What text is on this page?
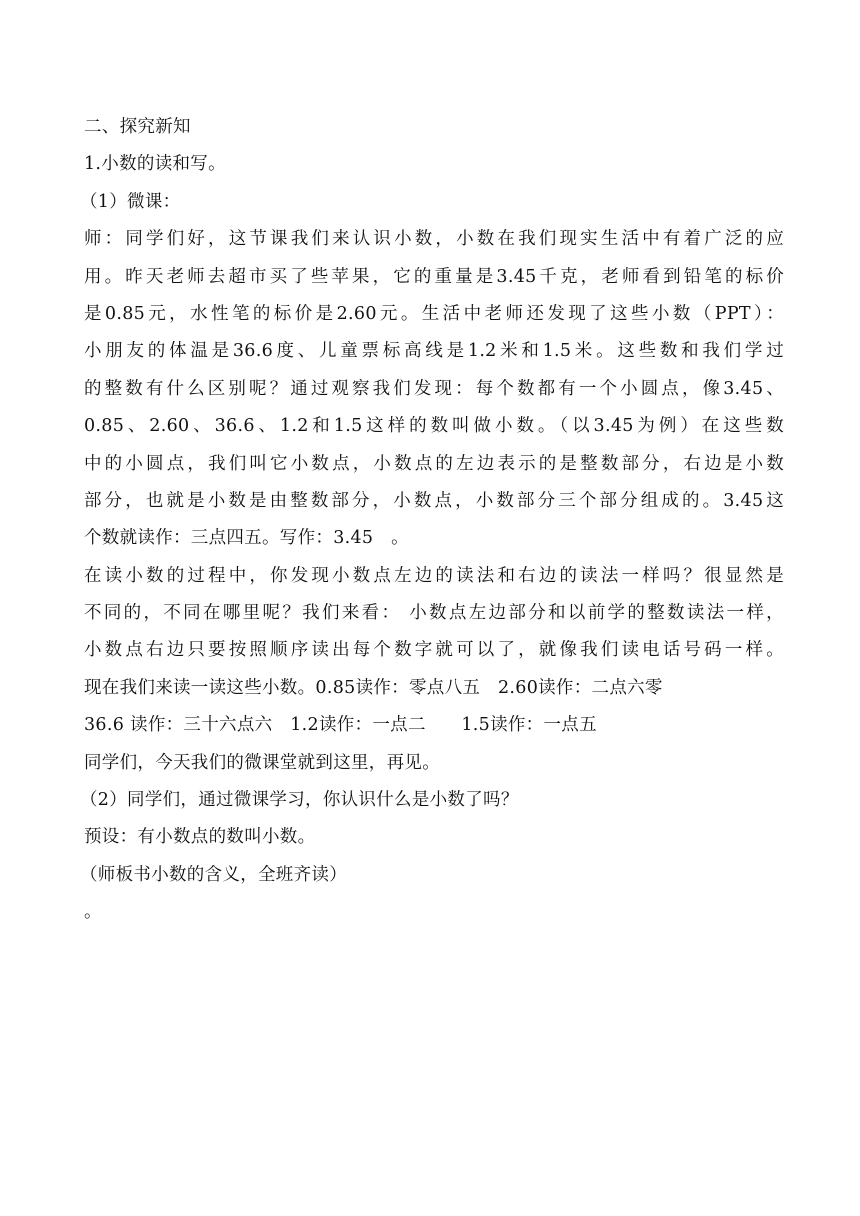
二、探究新知
1.小数的读和写。
（1）微课：
师：同学们好，这节课我们来认识小数，小数在我们现实生活中有着广泛的应
用。昨天老师去超市买了些苹果，它的重量是3.45千克，老师看到铅笔的标价
是0.85元，水性笔的标价是2.60元。生活中老师还发现了这些小数（PPT）：
小朋友的体温是36.6度、儿童票标高线是1.2米和1.5米。这些数和我们学过
的整数有什么区别呢？通过观察我们发现：每个数都有一个小圆点，像3.45、
0.85、2.60、36.6、1.2和1.5这样的数叫做小数。（以3.45为例）在这些数
中的小圆点，我们叫它小数点，小数点的左边表示的是整数部分，右边是小数
部分，也就是小数是由整数部分，小数点，小数部分三个部分组成的。3.45这
个数就读作：三点四五。写作：3.45　。
在读小数的过程中，你发现小数点左边的读法和右边的读法一样吗？很显然是
不同的，不同在哪里呢？我们来看： 小数点左边部分和以前学的整数读法一样，
小数点右边只要按照顺序读出每个数字就可以了，就像我们读电话号码一样。
现在我们来读一读这些小数。0.85读作：零点八五　2.60读作：二点六零
36.6 读作：三十六点六　1.2读作：一点二　　1.5读作：一点五
同学们，今天我们的微课堂就到这里，再见。
（2）同学们，通过微课学习，你认识什么是小数了吗？
预设：有小数点的数叫小数。
（师板书小数的含义，全班齐读）
。
